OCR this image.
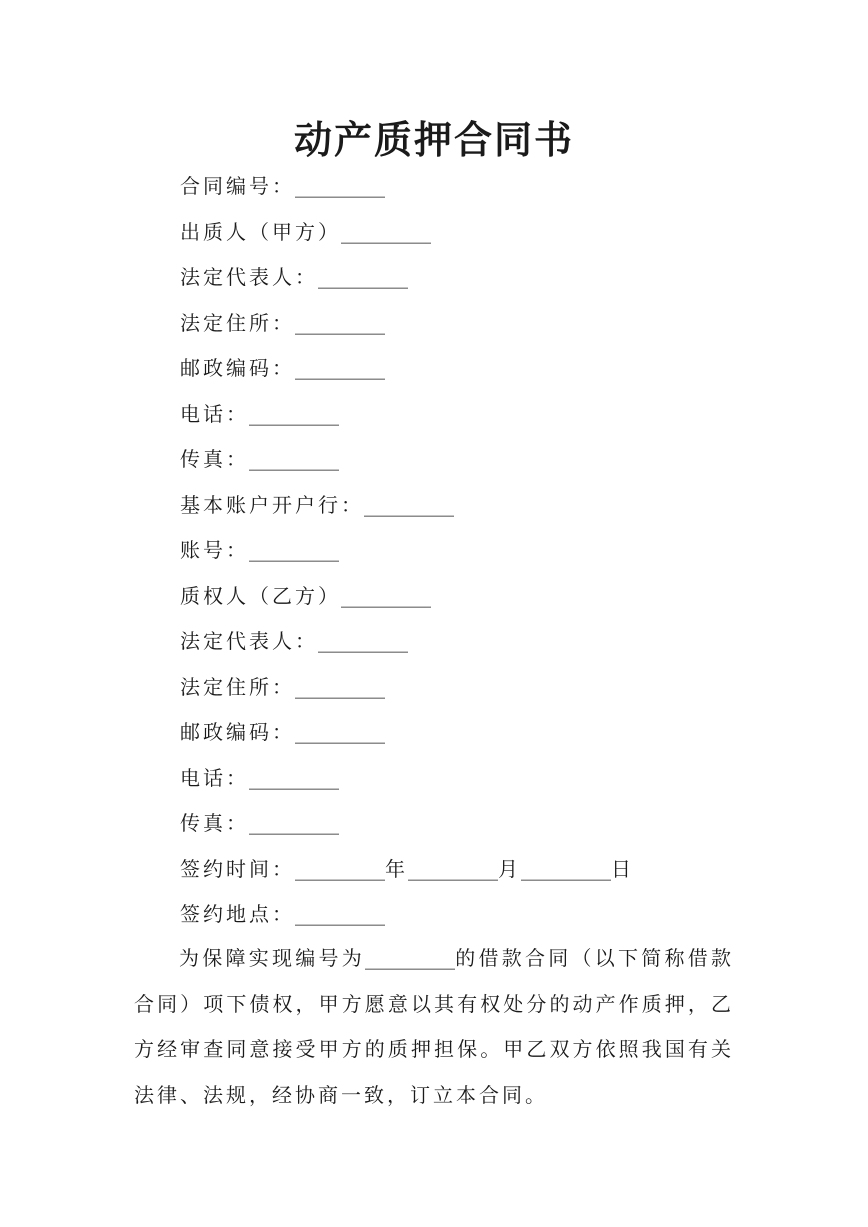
动产质押合同书
合同编号：_________
出质人（甲方）_________
法定代表人：_________
法定住所：_________
邮政编码：_________
电话：_________
传真：_________
基本账户开户行：_________
账号：_________
质权人（乙方）_________
法定代表人：_________
法定住所：_________
邮政编码：_________
电话：_________
传真：_________
签约时间：_________年_________月_________日
签约地点：_________

为保障实现编号为_________的借款合同（以下简称借款合同）项下债权，甲方愿意以其有权处分的动产作质押，乙方经审查同意接受甲方的质押担保。甲乙双方依照我国有关法律、法规，经协商一致，订立本合同。
